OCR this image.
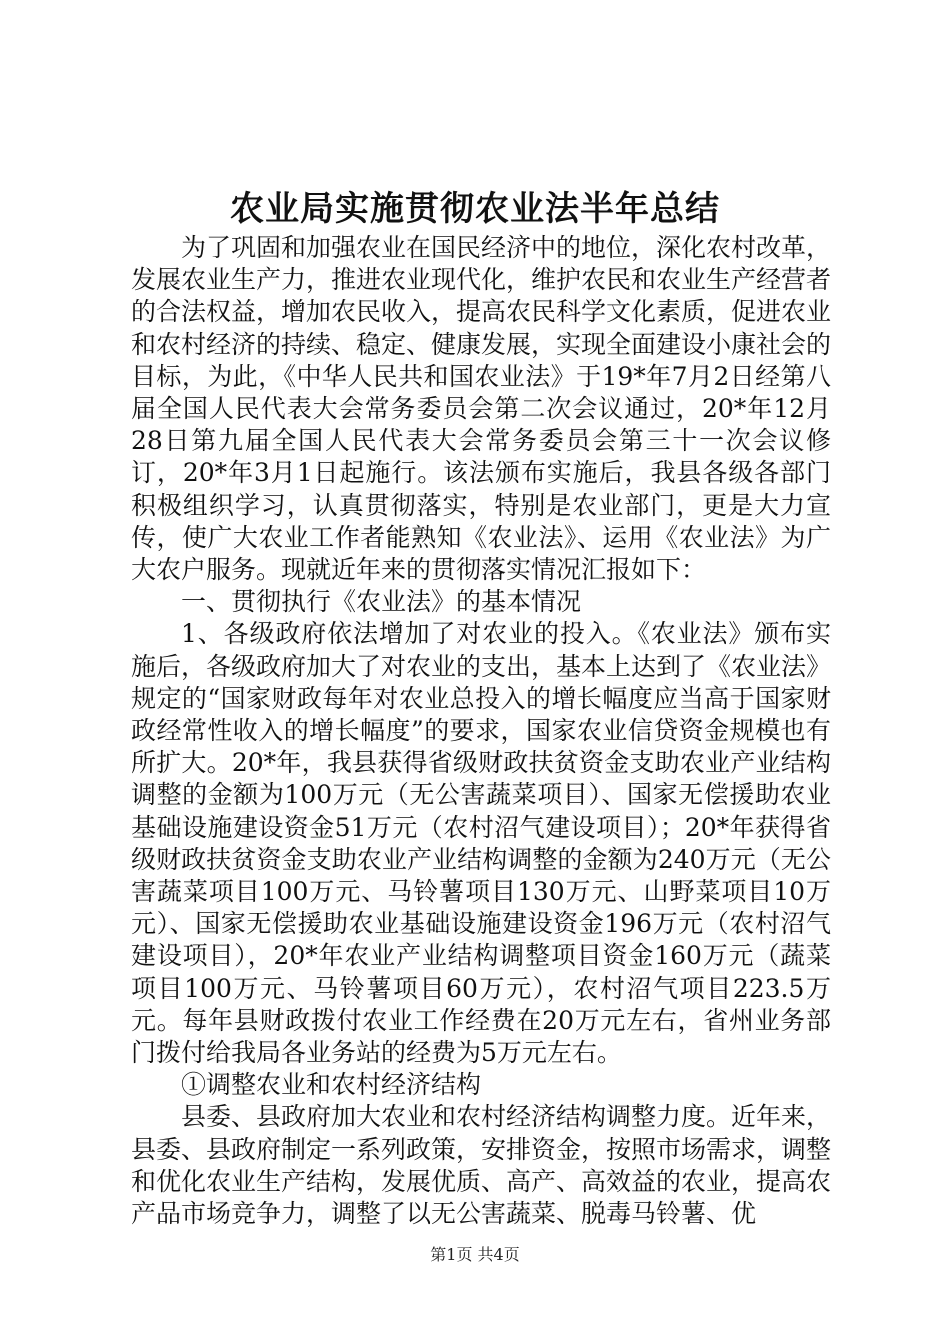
农业局实施贯彻农业法半年总结

为了巩固和加强农业在国民经济中的地位，深化农村改革，发展农业生产力，推进农业现代化，维护农民和农业生产经营者的合法权益，增加农民收入，提高农民科学文化素质，促进农业和农村经济的持续、稳定、健康发展，实现全面建设小康社会的目标，为此，《中华人民共和国农业法》于19*年7月2日经第八届全国人民代表大会常务委员会第二次会议通过，20*年12月28日第九届全国人民代表大会常务委员会第三十一次会议修订，20*年3月1日起施行。该法颁布实施后，我县各级各部门积极组织学习，认真贯彻落实，特别是农业部门，更是大力宣传，使广大农业工作者能熟知《农业法》、运用《农业法》为广大农户服务。现就近年来的贯彻落实情况汇报如下：

一、贯彻执行《农业法》的基本情况

1、各级政府依法增加了对农业的投入。《农业法》颁布实施后，各级政府加大了对农业的支出，基本上达到了《农业法》规定的“国家财政每年对农业总投入的增长幅度应当高于国家财政经常性收入的增长幅度”的要求，国家农业信贷资金规模也有所扩大。20*年，我县获得省级财政扶贫资金支助农业产业结构调整的金额为100万元（无公害蔬菜项目）、国家无偿援助农业基础设施建设资金51万元（农村沼气建设项目）；20*年获得省级财政扶贫资金支助农业产业结构调整的金额为240万元（无公害蔬菜项目100万元、马铃薯项目130万元、山野菜项目10万元）、国家无偿援助农业基础设施建设资金196万元（农村沼气建设项目），20*年农业产业结构调整项目资金160万元（蔬菜项目100万元、马铃薯项目60万元），农村沼气项目223.5万元。每年县财政拨付农业工作经费在20万元左右，省州业务部门拨付给我局各业务站的经费为5万元左右。

①调整农业和农村经济结构

县委、县政府加大农业和农村经济结构调整力度。近年来，县委、县政府制定一系列政策，安排资金，按照市场需求，调整和优化农业生产结构，发展优质、高产、高效益的农业，提高农产品市场竞争力，调整了以无公害蔬菜、脱毒马铃薯、优

第1页 共4页
